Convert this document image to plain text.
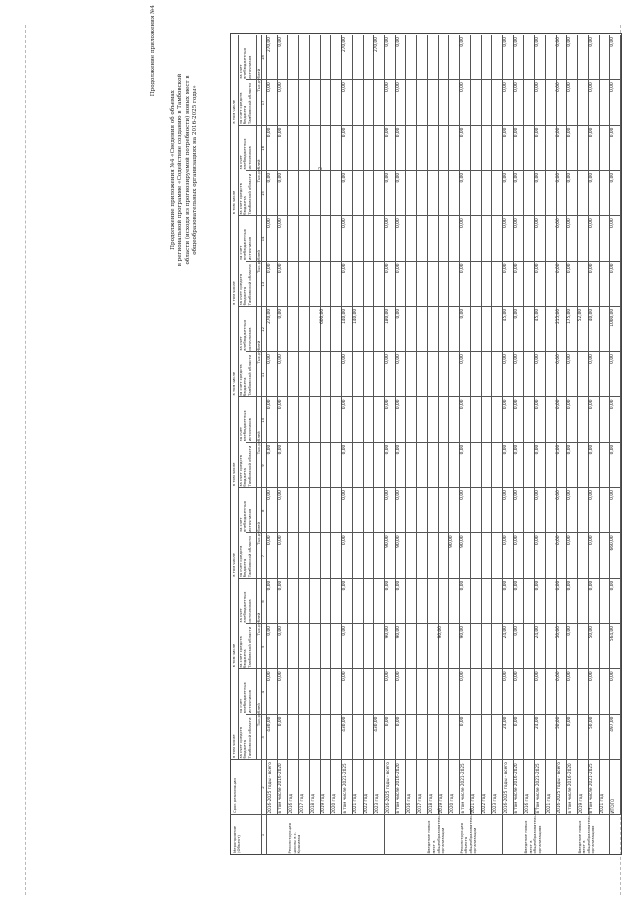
2
Продолжение приложения №4
Продолжение приложения №4 «Сведения об объемах в региональной программе «Содействие созданию в Тамбовской области (исходя из прогнозируемой потребности) новых мест в общеобразовательных организациях на 2016-2025 годы»
Мероприятие (Объект)
Срок реализации
в том числе за счет средств бюджета Тамбовской области
за счет внебюджетных источников
Тыс.рублей
в том числе за счет средств бюджета Тамбовской области
за счет внебюджетных источников
Тыс.рублей
в том числе за счет средств бюджета Тамбовской области
за счет внебюджетных источников
Тыс.рублей
в том числе за счет средств бюджета Тамбовской области
за счет внебюджетных источников
Тыс.рублей
в том числе за счет средств бюджета Тамбовской области
за счет внебюджетных источников
Тыс.рублей
в том числе за счет средств бюджета Тамбовской области
за счет внебюджетных источников
Тыс.рублей
в том числе за счет средств бюджета Тамбовской области
за счет внебюджетных источников
Тыс.рублей
в том числе за счет средств бюджета Тамбовской области
за счет внебюджетных источников
Тыс.рублей
1
2
3
4
5
6
7
8
9
10
11
12
13
14
15
16
17
18
2016-2025 годы - всего
430,00
0,00
0,00
0,00
0,00
0,00
0,00
0,00
0,00
270,00
0,00
0,00
0,00
0,00
0,00
270,00
в том числе 2016-2020
0,00
0,00
0,00
0,00
0,00
0,00
0,00
0,00
0,00
0,00
0,00
0,00
0,00
0,00
0,00
0,00
2016 год
Реконструкция школы в с. Красивка
2017 год 2018 год 2019 год
600,00
2020 год в том числе 2021-2025
430,00
0,00
0,00
0,00
0,00
0,00
0,00
0,00
0,00
140,00
0,00
0,00
0,00
0,00
0,00
270,00
2021 год
140,00
2022 год 2023 год
430,00
270,00
2016-2025 годы - всего
0,00
0,00
90,00
0,00
90,00
0,00
0,00
0,00
0,00
180,00
0,00
0,00
0,00
0,00
0,00
0,00
в том числе 2016-2020
0,00
0,00
90,00
0,00
90,00
0,00
0,00
0,00
0,00
0,00
0,00
0,00
0,00
0,00
0,00
0,00
2016 год 2017 год 2018 год
Введение новых мест в общеобразовательной организации
2019 год
90,00
2020 год
90,00
в том числе 2021-2025
Реконструкция объекта общеобразовательной организации
0,00
0,00
90,00
0,00
90,00
0,00
0,00
0,00
0,00
0,00
0,00
0,00
0,00
0,00
0,00
0,00
2021 год 2022 год 2023 год 2016-2025 годы - всего
24,00
0,00
24,00
0,00
0,00
0,00
0,00
0,00
0,00
45,00
0,00
0,00
0,00
0,00
0,00
0,00
в том числе 2016-2020
0,00
0,00
0,00
0,00
0,00
0,00
0,00
0,00
0,00
0,00
0,00
0,00
0,00
0,00
0,00
0,00
2016 год
Введение новых мест в общеобразовательных организациях
в том числе 2021-2025
24,00
0,00
24,00
0,00
0,00
0,00
0,00
0,00
0,00
45,00
0,00
0,00
0,00
0,00
0,00
0,00
2021 год 2016-2025 годы - всего
50,00
0,00
50,00
0,00
0,00
0,00
0,00
0,00
0,00
215,00
0,00
0,00
0,00
0,00
0,00
0,00
в том числе 2016-2020
0,00
0,00
0,00
0,00
0,00
0,00
0,00
0,00
0,00
175,00
0,00
0,00
0,00
0,00
0,00
0,00
2019 год
Введение новых мест в общеобразовательных организациях
52,00
в том числе 2021-2025
50,00
0,00
50,00
0,00
0,00
0,00
0,00
0,00
0,00
40,00
0,00
0,00
0,00
0,00
0,00
0,00
2021 год ИТОГО
497,00
0,00
564,00
0,00
660,00
0,00
0,00
0,00
0,00
1000,00
0,00
0,00
0,00
0,00
0,00
0,00
